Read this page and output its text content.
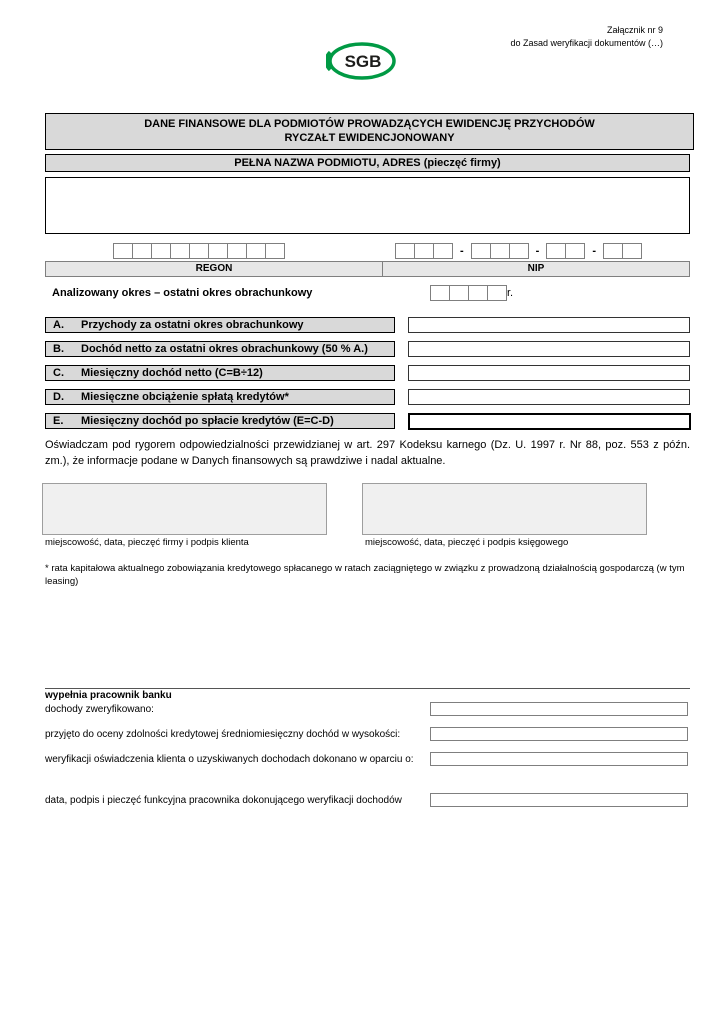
Załącznik nr 9
do Zasad weryfikacji dokumentów (…)
SGB
DANE FINANSOWE DLA PODMIOTÓW PROWADZĄCYCH EWIDENCJĘ PRZYCHODÓW
RYCZAŁT EWIDENCJONOWANY
PEŁNA NAZWA PODMIOTU, ADRES (pieczęć firmy)
-	-	-
REGON	NIP
Analizowany okres – ostatni okres obrachunkowy	r.
A. Przychody za ostatni okres obrachunkowy
B. Dochód netto za ostatni okres obrachunkowy (50 % A.)
C. Miesięczny dochód netto (C=B÷12)
D. Miesięczne obciążenie spłatą kredytów*
E. Miesięczny dochód po spłacie kredytów (E=C-D)
Oświadczam pod rygorem odpowiedzialności przewidzianej w art. 297 Kodeksu karnego (Dz. U. 1997 r. Nr 88, poz. 553 z późn. zm.), że informacje podane w Danych finansowych są prawdziwe i nadal aktualne.
miejscowość, data, pieczęć firmy i podpis klienta	miejscowość, data, pieczęć i podpis księgowego
* rata kapitałowa aktualnego zobowiązania kredytowego spłacanego w ratach zaciągniętego w związku z prowadzoną działalnością gospodarczą (w tym leasing)
wypełnia pracownik banku
dochody zweryfikowano:
przyjęto do oceny zdolności kredytowej średniomiesięczny dochód w wysokości:
weryfikacji oświadczenia klienta o uzyskiwanych dochodach dokonano w oparciu o:
data, podpis i pieczęć funkcyjna pracownika dokonującego weryfikacji dochodów
